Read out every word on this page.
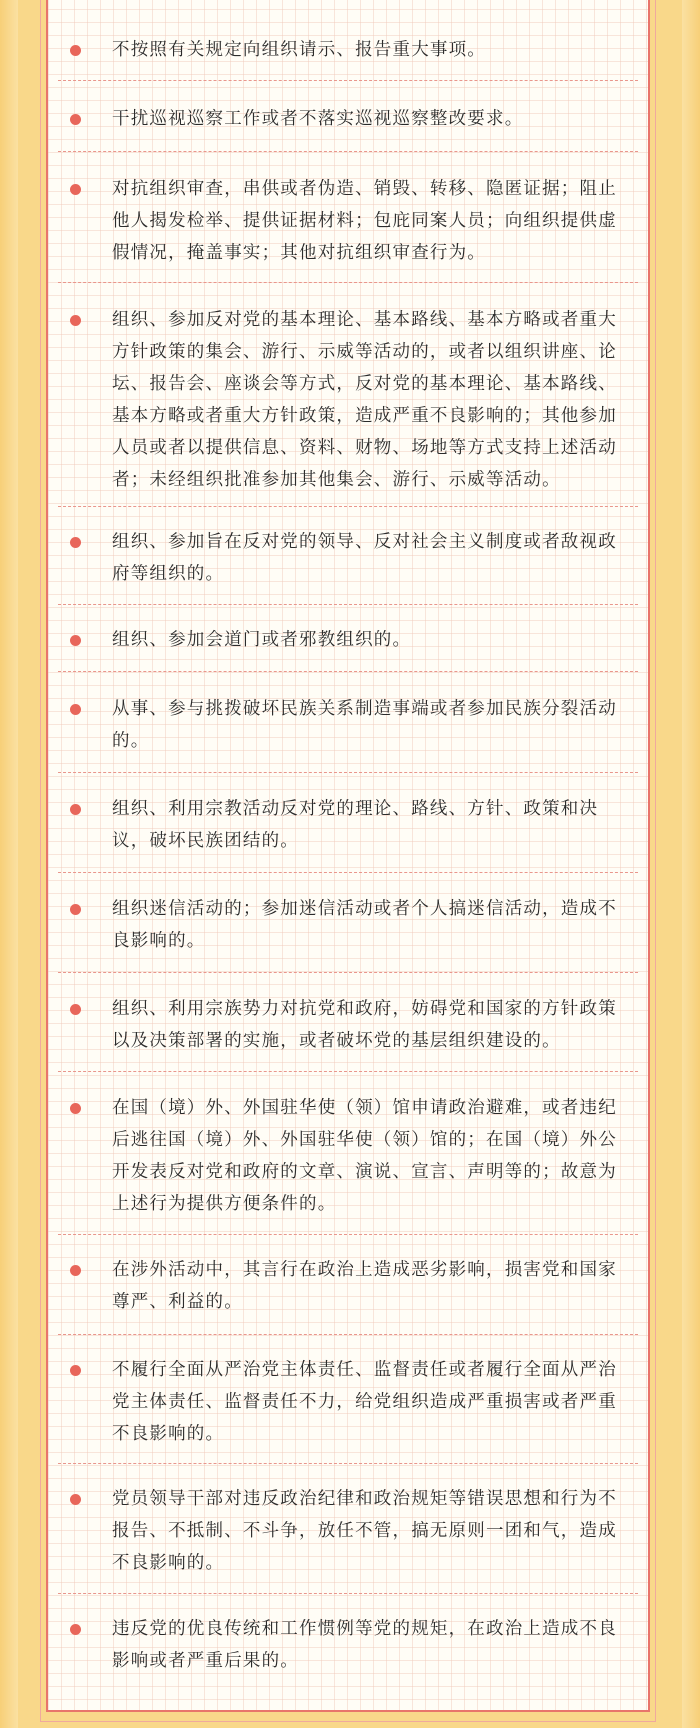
不按照有关规定向组织请示、报告重大事项。

干扰巡视巡察工作或者不落实巡视巡察整改要求。

对抗组织审查，串供或者伪造、销毁、转移、隐匿证据；阻止他人揭发检举、提供证据材料；包庇同案人员；向组织提供虚假情况，掩盖事实；其他对抗组织审查行为。

组织、参加反对党的基本理论、基本路线、基本方略或者重大方针政策的集会、游行、示威等活动的，或者以组织讲座、论坛、报告会、座谈会等方式，反对党的基本理论、基本路线、基本方略或者重大方针政策，造成严重不良影响的；其他参加人员或者以提供信息、资料、财物、场地等方式支持上述活动者；未经组织批准参加其他集会、游行、示威等活动。

组织、参加旨在反对党的领导、反对社会主义制度或者敌视政府等组织的。

组织、参加会道门或者邪教组织的。

从事、参与挑拨破坏民族关系制造事端或者参加民族分裂活动的。

组织、利用宗教活动反对党的理论、路线、方针、政策和决议，破坏民族团结的。

组织迷信活动的；参加迷信活动或者个人搞迷信活动，造成不良影响的。

组织、利用宗族势力对抗党和政府，妨碍党和国家的方针政策以及决策部署的实施，或者破坏党的基层组织建设的。

在国（境）外、外国驻华使（领）馆申请政治避难，或者违纪后逃往国（境）外、外国驻华使（领）馆的；在国（境）外公开发表反对党和政府的文章、演说、宣言、声明等的；故意为上述行为提供方便条件的。

在涉外活动中，其言行在政治上造成恶劣影响，损害党和国家尊严、利益的。

不履行全面从严治党主体责任、监督责任或者履行全面从严治党主体责任、监督责任不力，给党组织造成严重损害或者严重不良影响的。

党员领导干部对违反政治纪律和政治规矩等错误思想和行为不报告、不抵制、不斗争，放任不管，搞无原则一团和气，造成不良影响的。

违反党的优良传统和工作惯例等党的规矩，在政治上造成不良影响或者严重后果的。
